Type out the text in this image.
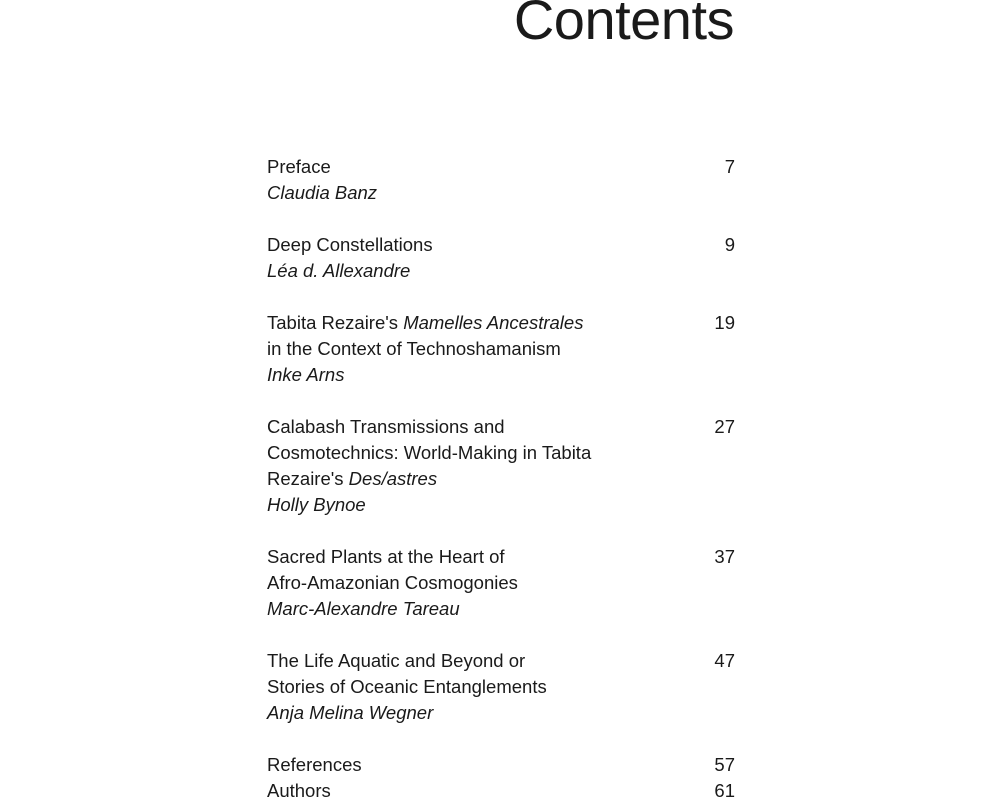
Contents
Preface
Claudia Banz
7
Deep Constellations
Léa d. Allexandre
9
Tabita Rezaire's Mamelles Ancestrales
in the Context of Technoshamanism
Inke Arns
19
Calabash Transmissions and
Cosmotechnics: World-Making in Tabita
Rezaire's Des/astres
Holly Bynoe
27
Sacred Plants at the Heart of
Afro-Amazonian Cosmogonies
Marc-Alexandre Tareau
37
The Life Aquatic and Beyond or
Stories of Oceanic Entanglements
Anja Melina Wegner
47
References	57
Authors	61
